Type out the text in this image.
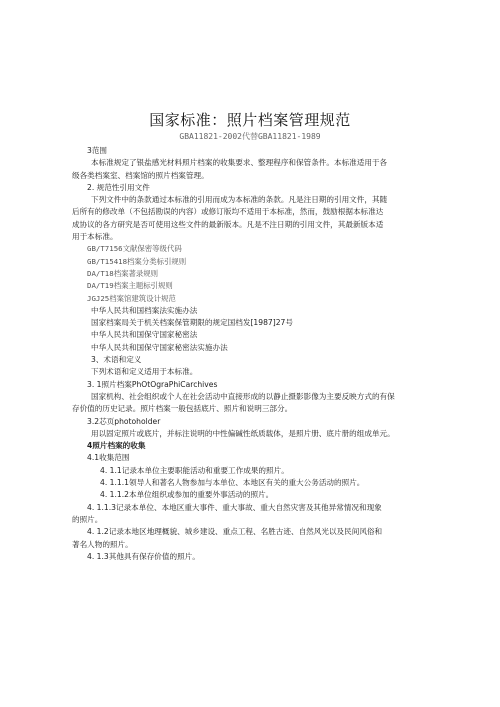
国家标准：照片档案管理规范
GBA11821-2002代替GBA11821-1989
3范围
本标准规定了银盐感光材料照片档案的收集要求、整理程序和保管条件。本标准适用于各
级各类档案室、档案馆的照片档案管理。
2. 规范性引用文件
下列文件中的条款通过本标准的引用而成为本标准的条款。凡是注日期的引用文件，其随
后所有的修改单（不包括勘误的内容）或修订版均不适用于本标准，然而，鼓励根据本标准达
成协议的各方研究是否可使用这些文件的最新版本。凡是不注日期的引用文件，其最新版本适
用于本标准。
GB/T7156文献保密等级代码
GB/T15418档案分类标引规则
DA/T18档案著录规则
DA/T19档案主题标引规则
JGJ25档案馆建筑设计规范
中华人民共和国档案法实施办法
国家档案局关于机关档案保管期限的规定国档发[1987]27号
中华人民共和国保守国家秘密法
中华人民共和国保守国家秘密法实施办法
3、术语和定义
下列术语和定义适用于本标准。
3. 1照片档案PhOtOgraPhiCarchives
国家机构、社会组织或个人在社会活动中直接形成的以静止摄影影像为主要反映方式的有保
存价值的历史记录。照片档案一般包括底片、照片和说明三部分。
3.2芯页photoholder
用以固定照片或底片，并标注说明的中性偏碱性纸质载体，是照片册、底片册的组成单元。
4照片档案的收集
4.1收集范围
4. 1.1记录本单位主要职能活动和重要工作成果的照片。
4. 1.1.1领导人和著名人物参加与本单位、本地区有关的重大公务活动的照片。
4. 1.1.2本单位组织或参加的重要外事活动的照片。
4. 1.1.3记录本单位、本地区重大事件、重大事故、重大自然灾害及其他异常情况和现象
的照片。
4. 1.2记录本地区地理概貌、城乡建设、重点工程、名胜古迹、自然风光以及民间风俗和
著名人物的照片。
4. 1.3其他具有保存价值的照片。
